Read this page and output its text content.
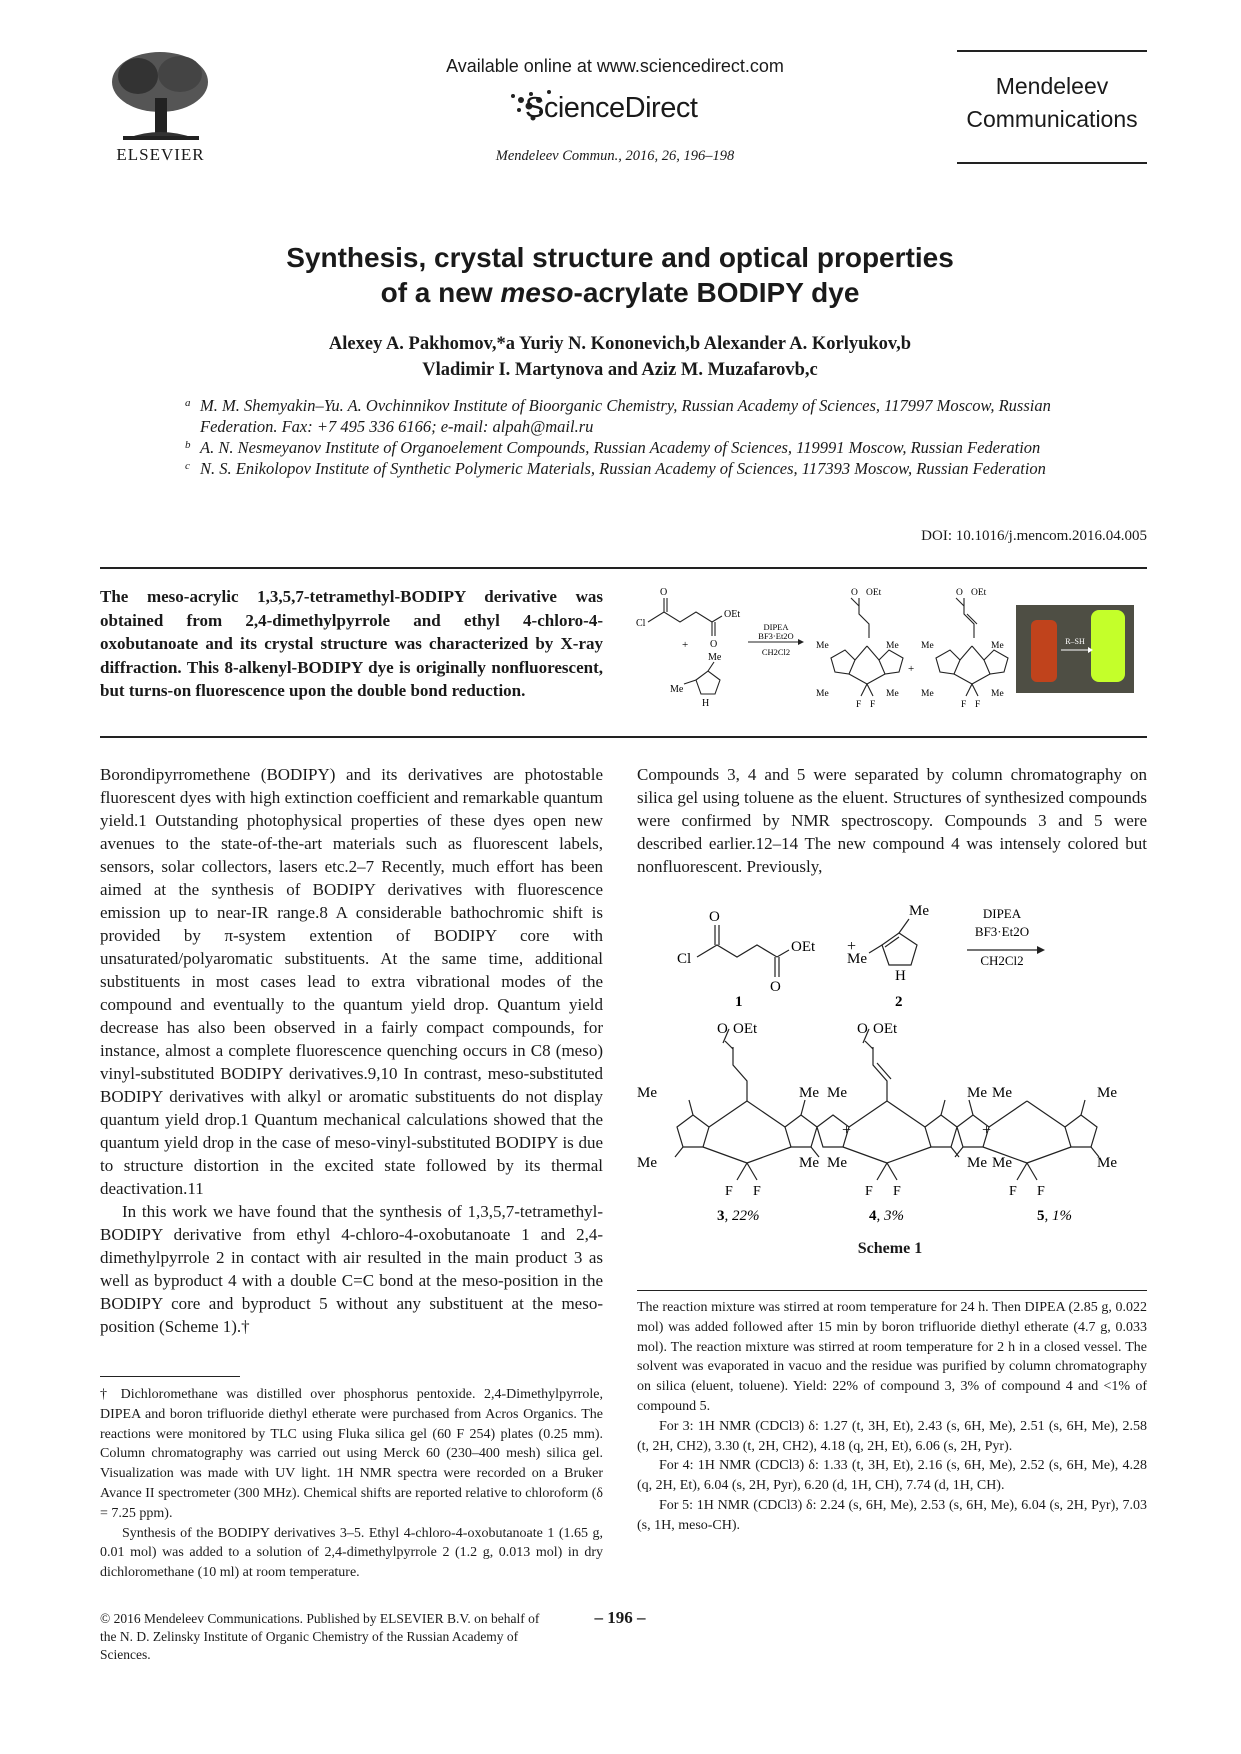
ELSEVIER
Available online at www.sciencedirect.com
ScienceDirect
Mendeleev Commun., 2016, 26, 196–198
Mendeleev
Communications
Synthesis, crystal structure and optical properties
of a new meso-acrylate BODIPY dye
Alexey A. Pakhomov,*a Yuriy N. Kononevich,b Alexander A. Korlyukov,b
Vladimir I. Martynova and Aziz M. Muzafarovb,c
a M. M. Shemyakin–Yu. A. Ovchinnikov Institute of Bioorganic Chemistry, Russian Academy of Sciences, 117997 Moscow, Russian Federation. Fax: +7 495 336 6166; e-mail: alpah@mail.ru
b A. N. Nesmeyanov Institute of Organoelement Compounds, Russian Academy of Sciences, 119991 Moscow, Russian Federation
c N. S. Enikolopov Institute of Synthetic Polymeric Materials, Russian Academy of Sciences, 117393 Moscow, Russian Federation
DOI: 10.1016/j.mencom.2016.04.005
The meso-acrylic 1,3,5,7-tetramethyl-BODIPY derivative was obtained from 2,4-dimethylpyrrole and ethyl 4-chloro-4-oxobutanoate and its crystal structure was characterized by X-ray diffraction. This 8-alkenyl-BODIPY dye is originally nonfluorescent, but turns-on fluorescence upon the double bond reduction.
O
Cl
OEt
O
+
H
Me
Me
DIPEA
BF3·Et2O
CH2Cl2
O OEt
Me	Me
Me	Me
F F
+
O OEt
Me	Me
Me	Me
F F
R–SH

Borondipyrromethene (BODIPY) and its derivatives are photostable fluorescent dyes with high extinction coefficient and remarkable quantum yield.1 Outstanding photophysical properties of these dyes open new avenues to the state-of-the-art materials such as fluorescent labels, sensors, solar collectors, lasers etc.2–7 Recently, much effort has been aimed at the synthesis of BODIPY derivatives with fluorescence emission up to near-IR range.8 A considerable bathochromic shift is provided by π-system extention of BODIPY core with unsaturated/polyaromatic substituents. At the same time, additional substituents in most cases lead to extra vibrational modes of the compound and eventually to the quantum yield drop. Quantum yield decrease has also been observed in a fairly compact compounds, for instance, almost a complete fluorescence quenching occurs in C8 (meso) vinyl-substituted BODIPY derivatives.9,10 In contrast, meso-substituted BODIPY derivatives with alkyl or aromatic substituents do not display quantum yield drop.1 Quantum mechanical calculations showed that the quantum yield drop in the case of meso-vinyl-substituted BODIPY is due to structure distortion in the excited state followed by its thermal deactivation.11

In this work we have found that the synthesis of 1,3,5,7-tetramethyl-BODIPY derivative from ethyl 4-chloro-4-oxobutanoate 1 and 2,4-dimethylpyrrole 2 in contact with air resulted in the main product 3 as well as byproduct 4 with a double C=C bond at the meso-position in the BODIPY core and byproduct 5 without any substituent at the meso-position (Scheme 1).†

† Dichloromethane was distilled over phosphorus pentoxide. 2,4-Dimethylpyrrole, DIPEA and boron trifluoride diethyl etherate were purchased from Acros Organics. The reactions were monitored by TLC using Fluka silica gel (60 F 254) plates (0.25 mm). Column chromatography was carried out using Merck 60 (230–400 mesh) silica gel. Visualization was made with UV light. 1H NMR spectra were recorded on a Bruker Avance II spectrometer (300 MHz). Chemical shifts are reported relative to chloroform (δ = 7.25 ppm).

Synthesis of the BODIPY derivatives 3–5. Ethyl 4-chloro-4-oxobutanoate 1 (1.65 g, 0.01 mol) was added to a solution of 2,4-dimethylpyrrole 2 (1.2 g, 0.013 mol) in dry dichloromethane (10 ml) at room temperature.

Compounds 3, 4 and 5 were separated by column chromatography on silica gel using toluene as the eluent. Structures of synthesized compounds were confirmed by NMR spectroscopy. Compounds 3 and 5 were described earlier.12–14 The new compound 4 was intensely colored but nonfluorescent. Previously,

O
Cl
OEt
O
+
Me
Me
H
DIPEA
BF3·Et2O
CH2Cl2
1	2
O OEt
Me	Me
Me	Me
F F
3, 22%
+
O OEt
Me	Me
Me	Me
F F
4, 3%
+
Me	Me
Me	Me
F F
5, 1%
Scheme 1

The reaction mixture was stirred at room temperature for 24 h. Then DIPEA (2.85 g, 0.022 mol) was added followed after 15 min by boron trifluoride diethyl etherate (4.7 g, 0.033 mol). The reaction mixture was stirred at room temperature for 2 h in a closed vessel. The solvent was evaporated in vacuo and the residue was purified by column chromatography on silica (eluent, toluene). Yield: 22% of compound 3, 3% of compound 4 and <1% of compound 5.

For 3: 1H NMR (CDCl3) δ: 1.27 (t, 3H, Et), 2.43 (s, 6H, Me), 2.51 (s, 6H, Me), 2.58 (t, 2H, CH2), 3.30 (t, 2H, CH2), 4.18 (q, 2H, Et), 6.06 (s, 2H, Pyr).

For 4: 1H NMR (CDCl3) δ: 1.33 (t, 3H, Et), 2.16 (s, 6H, Me), 2.52 (s, 6H, Me), 4.28 (q, 2H, Et), 6.04 (s, 2H, Pyr), 6.20 (d, 1H, CH), 7.74 (d, 1H, CH).

For 5: 1H NMR (CDCl3) δ: 2.24 (s, 6H, Me), 2.53 (s, 6H, Me), 6.04 (s, 2H, Pyr), 7.03 (s, 1H, meso-CH).

© 2016 Mendeleev Communications. Published by ELSEVIER B.V. on behalf of the N. D. Zelinsky Institute of Organic Chemistry of the Russian Academy of Sciences.
– 196 –
